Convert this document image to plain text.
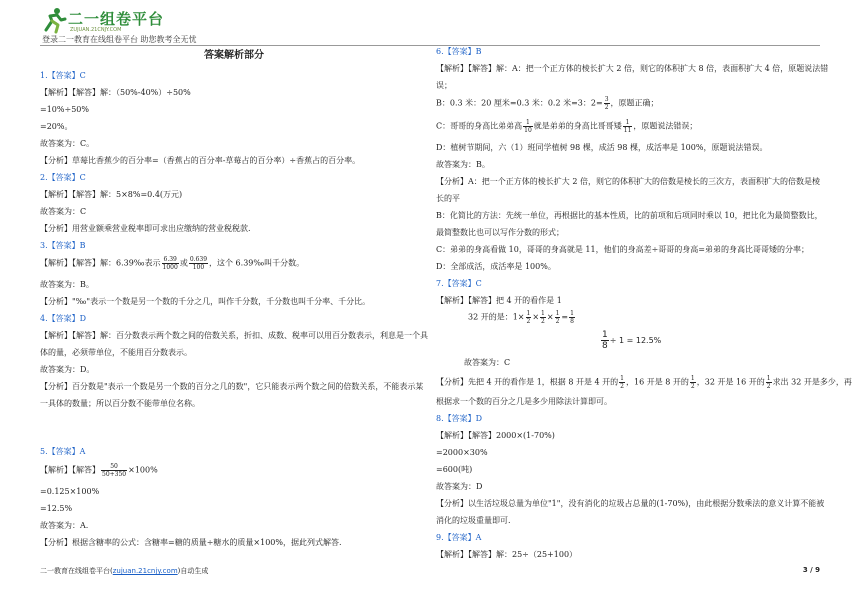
二一组卷平台
ZUJUAN.21CNJY.COM
登录二一教育在线组卷平台 助您教考全无忧
答案解析部分
1.【答案】C
【解析】【解答】解：（50%-40%）÷50%
=10%÷50%
=20%。
故答案为：C。
【分析】草莓比香蕉少的百分率=（香蕉占的百分率-草莓占的百分率）÷香蕉占的百分率。
2.【答案】C
【解析】【解答】解：5×8%=0.4(万元)
故答案为：C
【分析】用营业额乘营业税率即可求出应缴纳的营业税税款.
3.【答案】B
【解析】【解答】解：6.39‰表示 $\frac{6.39}{1000}$ 或 $\frac{0.639}{100}$ ，这个 6.39‰叫千分数。
故答案为：B。
【分析】"‰"表示一个数是另一个数的千分之几，叫作千分数，千分数也叫千分率、千分比。
4.【答案】D
【解析】【解答】解：百分数表示两个数之间的倍数关系，折扣、成数、税率可以用百分数表示，利息是一个具
体的量，必须带单位，不能用百分数表示。
故答案为：D。
【分析】百分数是"表示一个数是另一个数的百分之几的数"，它只能表示两个数之间的倍数关系，不能表示某
一具体的数量；所以百分数不能带单位名称。
5.【答案】A
【解析】【解答】 $\frac{50}{50+350} \times 100\%$
=0.125×100%
=12.5%
故答案为：A.
【分析】根据含糖率的公式：含糖率=糖的质量÷糖水的质量×100%，据此列式解答.
6.【答案】B
【解析】【解答】解：A：把一个正方体的棱长扩大 2 倍，则它的体积扩大 8 倍，表面积扩大 4 倍，原题说法错
误；
B：0.3 米：20 厘米=0.3 米：0.2 米=3：$2= \frac{3}{2}$ ，原题正确；
C：哥哥的身高比弟弟高 $\frac{1}{10}$ 就是弟弟的身高比哥哥矮 $\frac{1}{11}$ ，原题说法错误；
D：植树节期间，六（1）班同学植树 98 棵，成活 98 棵，成活率是 100%，原题说法错误。
故答案为：B。
【分析】A：把一个正方体的棱长扩大 2 倍，则它的体积扩大的倍数是棱长的三次方，表面积扩大的倍数是棱
长的平
B：化简比的方法：先统一单位，再根据比的基本性质，比的前项和后项同时乘以 10，把比化为最简整数比，
最简整数比也可以写作分数的形式；
C：弟弟的身高看做 10，哥哥的身高就是 11，他们的身高差÷哥哥的身高=弟弟的身高比哥哥矮的分率；
D：全部成活，成活率是 100%。
7.【答案】C
【解析】【解答】把 4 开的看作是 1
32 开的是：$1\times \frac{1}{2} \times \frac{1}{2} \times \frac{1}{2} = \frac{1}{8}$
$\frac{1}{8} \div 1 = 12.5\%$
故答案为：C
【分析】先把 4 开的看作是 1，根据 8 开是 4 开的 $\frac{1}{2}$ ，16 开是 8 开的 $\frac{1}{2}$ ，32 开是 16 开的 $\frac{1}{2}$ 求出 32 开是多少，再
根据求一个数的百分之几是多少用除法计算即可。
8.【答案】D
【解析】【解答】2000×(1-70%)
=2000×30%
=600(吨)
故答案为：D
【分析】以生活垃圾总量为单位"1"，没有消化的垃圾占总量的(1-70%)，由此根据分数乘法的意义计算不能被
消化的垃圾重量即可.
9.【答案】A
【解析】【解答】解：25÷（25+100）
二一教育在线组卷平台(zujuan.21cnjy.com)自动生成	3 / 9
